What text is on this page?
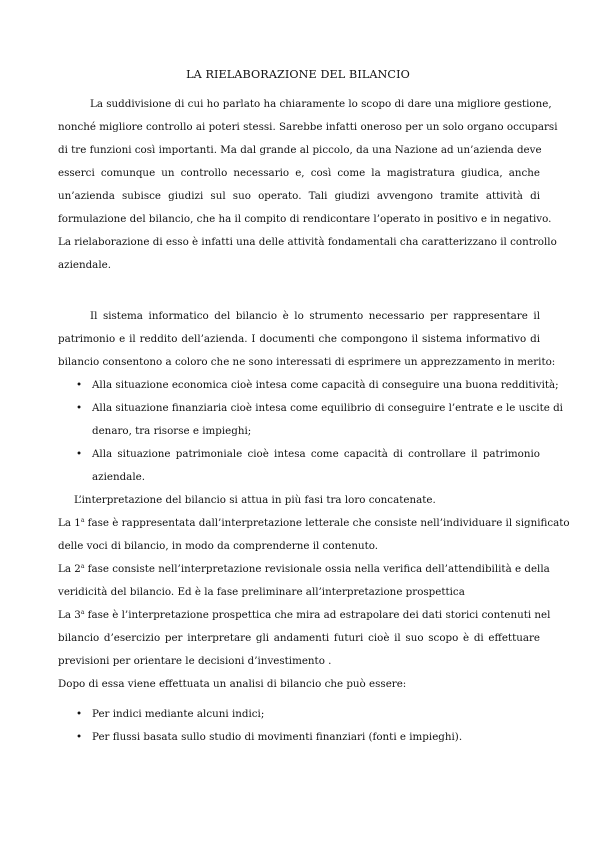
LA RIELABORAZIONE DEL BILANCIO
La suddivisione di cui ho parlato ha chiaramente lo scopo di dare una migliore gestione,
nonché migliore controllo ai poteri stessi. Sarebbe infatti oneroso per un solo organo occuparsi
di tre funzioni così importanti. Ma dal grande al piccolo, da una Nazione ad un’azienda deve
esserci comunque un controllo necessario e, così come la magistratura giudica, anche
un’azienda subisce giudizi sul suo operato. Tali giudizi avvengono tramite attività di
formulazione del bilancio, che ha il compito di rendicontare l’operato in positivo e in negativo.
La rielaborazione di esso è infatti una delle attività fondamentali cha caratterizzano il controllo
aziendale.
Il sistema informatico del bilancio è lo strumento necessario per rappresentare il
patrimonio e il reddito dell’azienda. I documenti che compongono il sistema informativo di
bilancio consentono a coloro che ne sono interessati di esprimere un apprezzamento in merito:
• Alla situazione economica cioè intesa come capacità di conseguire una buona redditività;
• Alla situazione finanziaria cioè intesa come equilibrio di conseguire l’entrate e le uscite di
denaro, tra risorse e impieghi;
• Alla situazione patrimoniale cioè intesa come capacità di controllare il patrimonio
aziendale.
L’interpretazione del bilancio si attua in più fasi tra loro concatenate.
La 1$^a$ fase è rappresentata dall’interpretazione letterale che consiste nell’individuare il significato
delle voci di bilancio, in modo da comprenderne il contenuto.
La 2$^a$ fase consiste nell’interpretazione revisionale ossia nella verifica dell’attendibilità e della
veridicità del bilancio. Ed è la fase preliminare all’interpretazione prospettica
La 3$^a$ fase è l’interpretazione prospettica che mira ad estrapolare dei dati storici contenuti nel
bilancio d’esercizio per interpretare gli andamenti futuri cioè il suo scopo è di effettuare
previsioni per orientare le decisioni d’investimento .
Dopo di essa viene effettuata un analisi di bilancio che può essere:
• Per indici mediante alcuni indici;
• Per flussi basata sullo studio di movimenti finanziari (fonti e impieghi).
